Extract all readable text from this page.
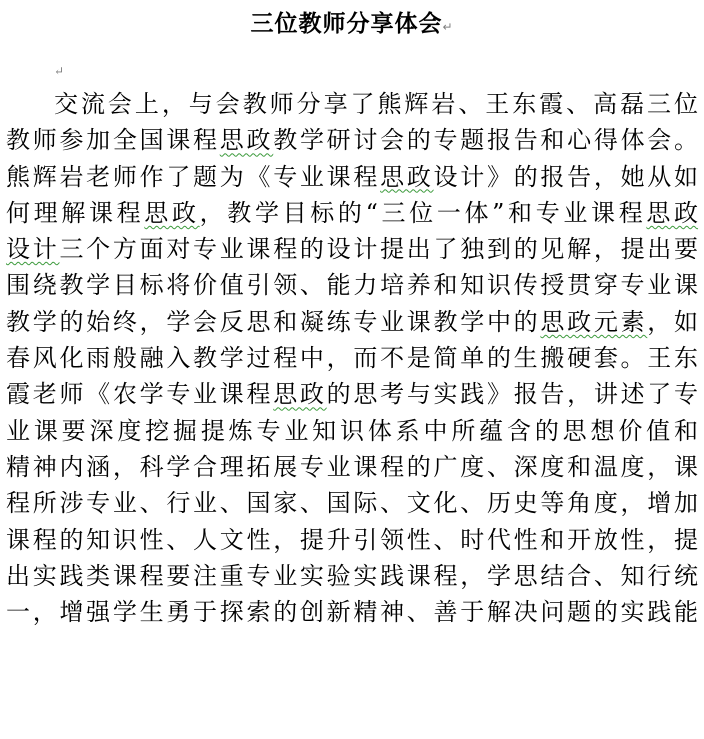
三位教师分享体会↵
↵
交流会上，与会教师分享了熊辉岩、王东霞、高磊三位
教师参加全国课程思政教学研讨会的专题报告和心得体会。
熊辉岩老师作了题为《专业课程思政设计》的报告，她从如
何理解课程思政，教学目标的“三位一体”和专业课程思政
设计三个方面对专业课程的设计提出了独到的见解，提出要
围绕教学目标将价值引领、能力培养和知识传授贯穿专业课
教学的始终，学会反思和凝练专业课教学中的思政元素，如
春风化雨般融入教学过程中，而不是简单的生搬硬套。王东
霞老师《农学专业课程思政的思考与实践》报告，讲述了专
业课要深度挖掘提炼专业知识体系中所蕴含的思想价值和
精神内涵，科学合理拓展专业课程的广度、深度和温度，课
程所涉专业、行业、国家、国际、文化、历史等角度，增加
课程的知识性、人文性，提升引领性、时代性和开放性，提
出实践类课程要注重专业实验实践课程，学思结合、知行统
一，增强学生勇于探索的创新精神、善于解决问题的实践能
